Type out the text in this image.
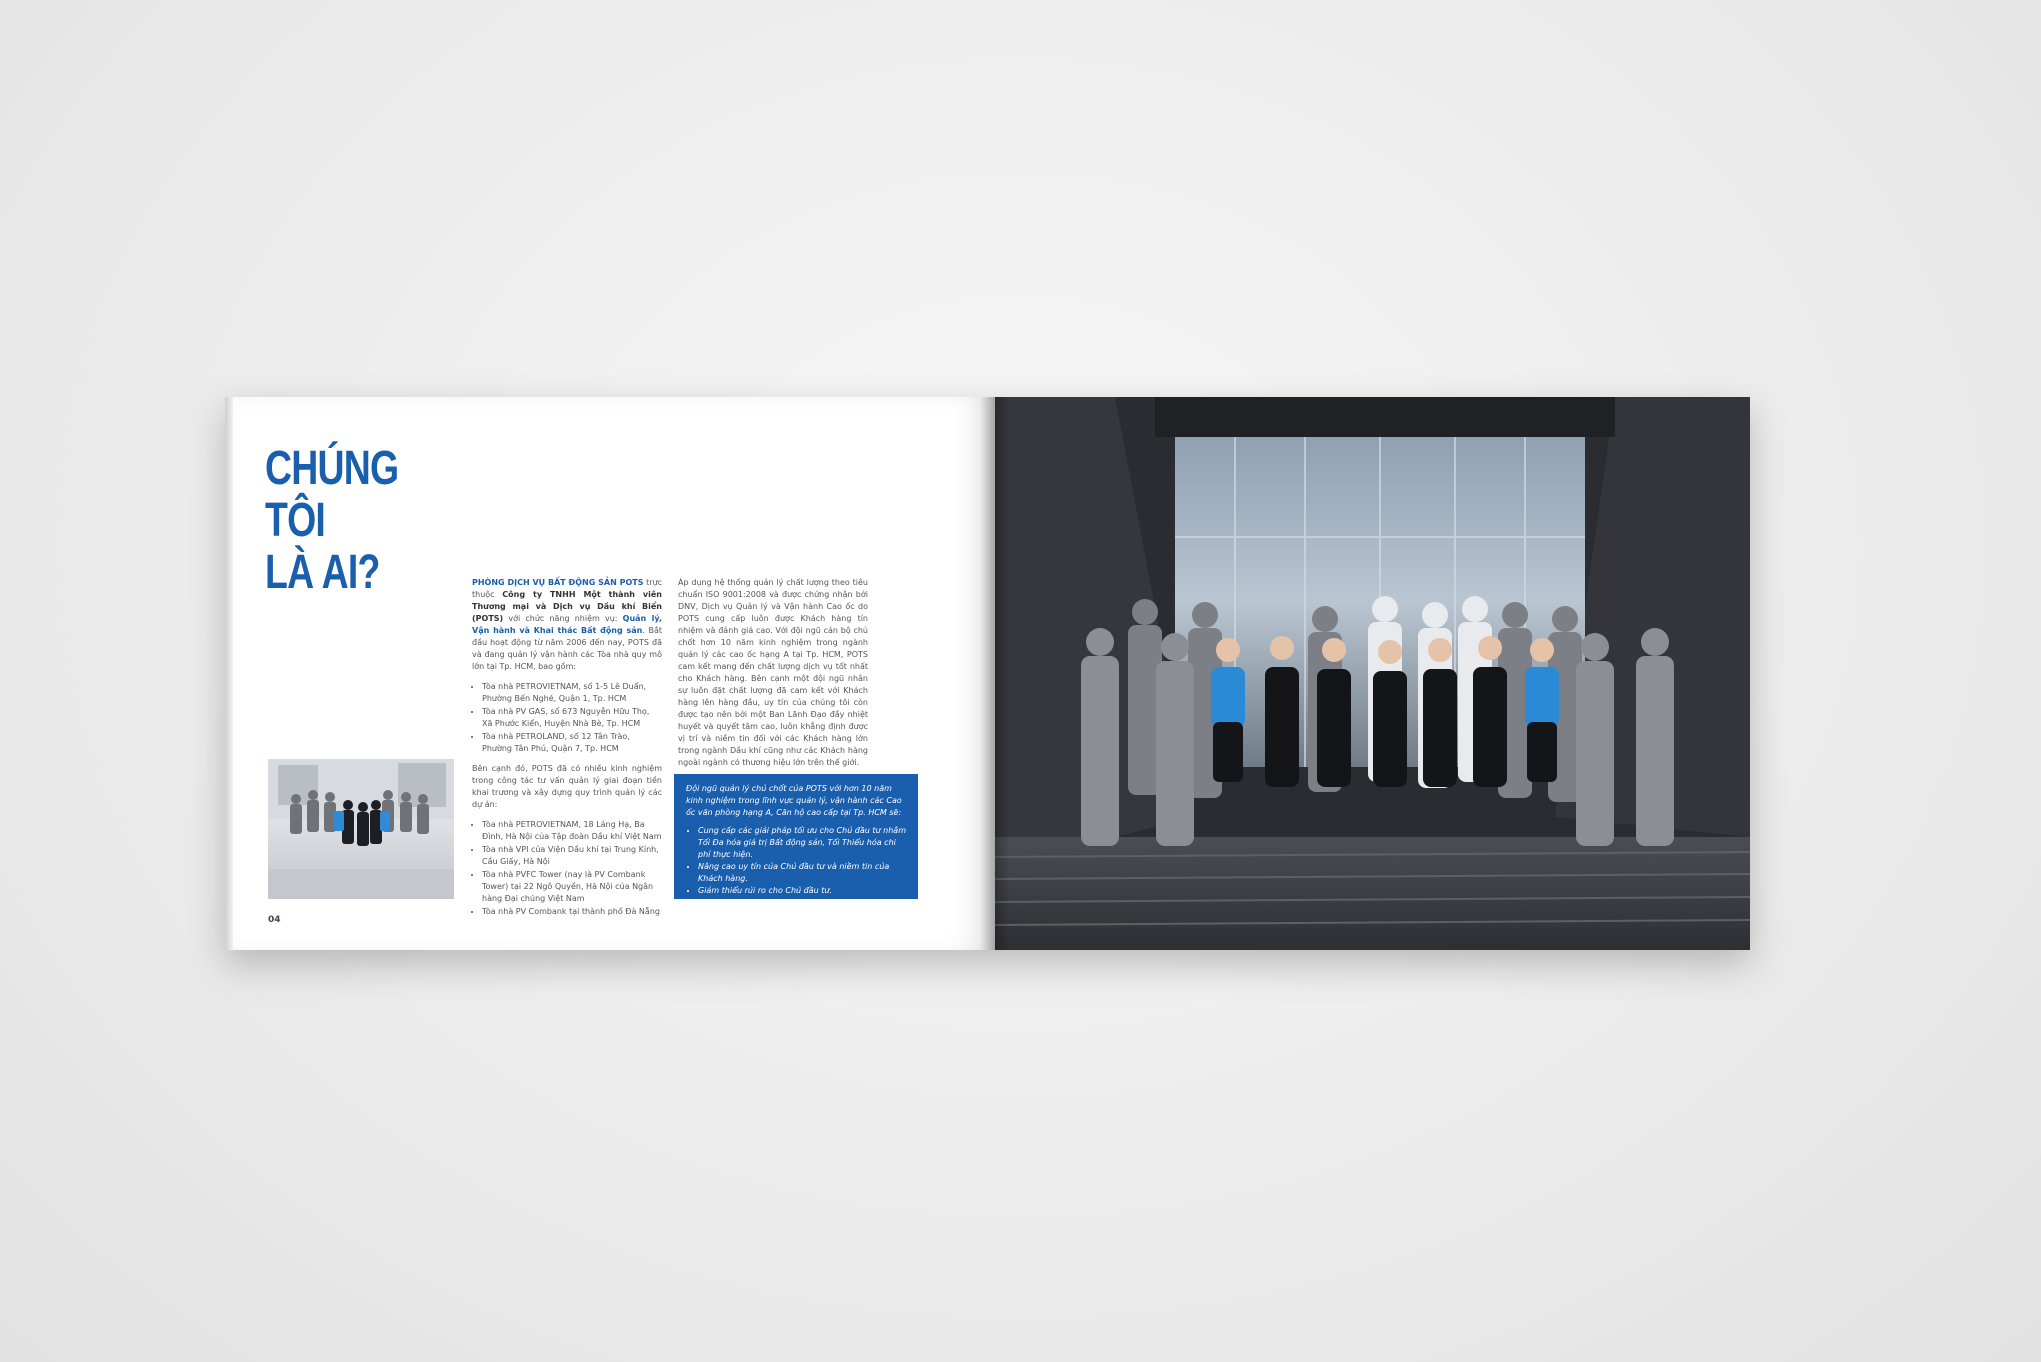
CHÚNG
TÔI
LÀ AI?	PHÒNG DỊCH VỤ BẤT ĐỘNG SẢN POTS trực thuộc Công ty TNHH Một thành viên Thương mại và Dịch vụ Dầu khí Biển (POTS) với chức năng nhiệm vụ: Quản lý, Vận hành và Khai thác Bất động sản. Bắt đầu hoạt động từ năm 2006 đến nay, POTS đã và đang quản lý vận hành các Tòa nhà quy mô lớn tại Tp. HCM, bao gồm:

• Tòa nhà PETROVIETNAM, số 1-5 Lê Duẩn, Phường Bến Nghé, Quận 1, Tp. HCM
• Tòa nhà PV GAS, số 673 Nguyễn Hữu Thọ, Xã Phước Kiển, Huyện Nhà Bè, Tp. HCM
• Tòa nhà PETROLAND, số 12 Tân Trào, Phường Tân Phú, Quận 7, Tp. HCM

Bên cạnh đó, POTS đã có nhiều kinh nghiệm trong công tác tư vấn quản lý giai đoạn tiền khai trương và xây dựng quy trình quản lý các dự án:

• Tòa nhà PETROVIETNAM, 18 Láng Hạ, Ba Đình, Hà Nội của Tập đoàn Dầu khí Việt Nam
• Tòa nhà VPI của Viện Dầu khí tại Trung Kính, Cầu Giấy, Hà Nội
• Tòa nhà PVFC Tower (nay là PV Combank Tower) tại 22 Ngô Quyền, Hà Nội của Ngân hàng Đại chúng Việt Nam
• Tòa nhà PV Combank tại thành phố Đà Nẵng

Áp dụng hệ thống quản lý chất lượng theo tiêu chuẩn ISO 9001:2008 và được chứng nhận bởi DNV, Dịch vụ Quản lý và Vận hành Cao ốc do POTS cung cấp luôn được Khách hàng tín nhiệm và đánh giá cao. Với đội ngũ cán bộ chủ chốt hơn 10 năm kinh nghiệm trong ngành quản lý các cao ốc hạng A tại Tp. HCM, POTS cam kết mang đến chất lượng dịch vụ tốt nhất cho Khách hàng. Bên cạnh một đội ngũ nhân sự luôn đặt chất lượng đã cam kết với Khách hàng lên hàng đầu, uy tín của chúng tôi còn được tạo nên bởi một Ban Lãnh Đạo đầy nhiệt huyết và quyết tâm cao, luôn khẳng định được vị trí và niềm tin đối với các Khách hàng lớn trong ngành Dầu khí cũng như các Khách hàng ngoài ngành có thương hiệu lớn trên thế giới.

Đội ngũ quản lý chủ chốt của POTS với hơn 10 năm kinh nghiệm trong lĩnh vực quản lý, vận hành các Cao ốc văn phòng hạng A, Căn hộ cao cấp tại Tp. HCM sẽ:
• Cung cấp các giải pháp tối ưu cho Chủ đầu tư nhằm Tối Đa hóa giá trị Bất động sản, Tối Thiểu hóa chi phí thực hiện.
• Nâng cao uy tín của Chủ đầu tư và niềm tin của Khách hàng.
• Giảm thiểu rủi ro cho Chủ đầu tư.
04
